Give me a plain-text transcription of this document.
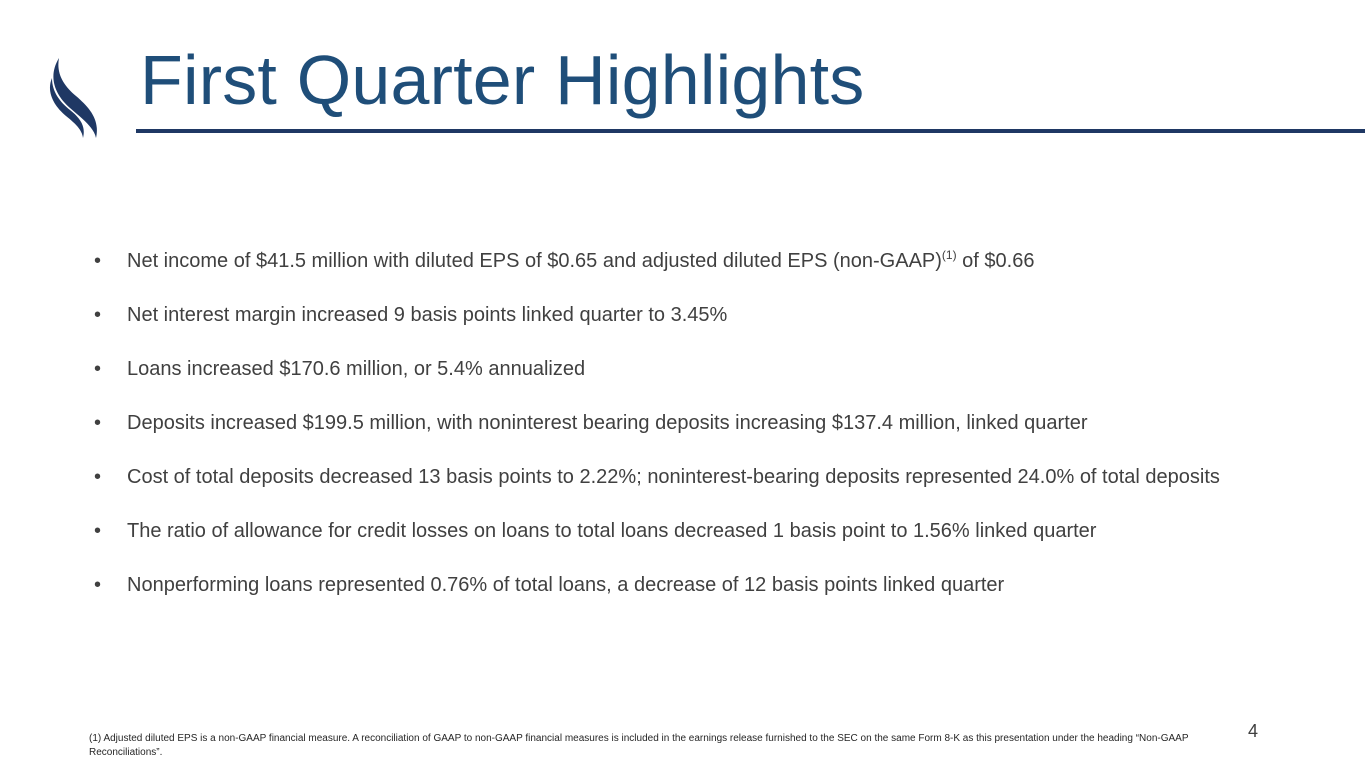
First Quarter Highlights
• Net income of $41.5 million with diluted EPS of $0.65 and adjusted diluted EPS (non-GAAP)$^{(1)}$ of $0.66
• Net interest margin increased 9 basis points linked quarter to 3.45%
• Loans increased $170.6 million, or 5.4% annualized
• Deposits increased $199.5 million, with noninterest bearing deposits increasing $137.4 million, linked quarter
• Cost of total deposits decreased 13 basis points to 2.22%; noninterest-bearing deposits represented 24.0% of total deposits
• The ratio of allowance for credit losses on loans to total loans decreased 1 basis point to 1.56% linked quarter
• Nonperforming loans represented 0.76% of total loans, a decrease of 12 basis points linked quarter

(1) Adjusted diluted EPS is a non-GAAP financial measure. A reconciliation of GAAP to non-GAAP financial measures is included in the earnings release furnished to the SEC on the same Form 8-K as this presentation under the heading “Non-GAAP Reconciliations”.

4
